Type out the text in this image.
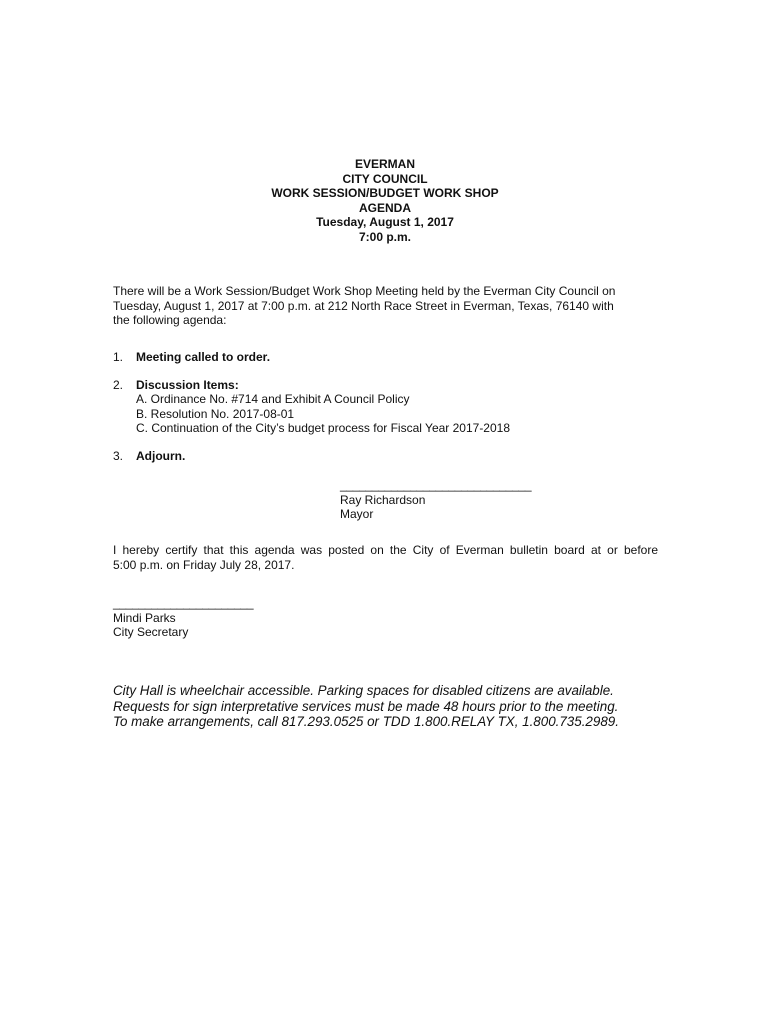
EVERMAN
CITY COUNCIL
WORK SESSION/BUDGET WORK SHOP
AGENDA
Tuesday, August 1, 2017
7:00 p.m.
There will be a Work Session/Budget Work Shop Meeting held by the Everman City Council on
Tuesday, August 1, 2017 at 7:00 p.m. at 212 North Race Street in Everman, Texas, 76140 with
the following agenda:
1.	Meeting called to order.
2.	Discussion Items:
A. Ordinance No. #714 and Exhibit A Council Policy
B. Resolution No. 2017-08-01
C. Continuation of the City’s budget process for Fiscal Year 2017-2018
3.	Adjourn.
______________________________
Ray Richardson
Mayor
I hereby certify that this agenda was posted on the City of Everman bulletin board at or before
5:00 p.m. on Friday July 28, 2017.
______________________
Mindi Parks
City Secretary
City Hall is wheelchair accessible. Parking spaces for disabled citizens are available.
Requests for sign interpretative services must be made 48 hours prior to the meeting.
To make arrangements, call 817.293.0525 or TDD 1.800.RELAY TX, 1.800.735.2989.
